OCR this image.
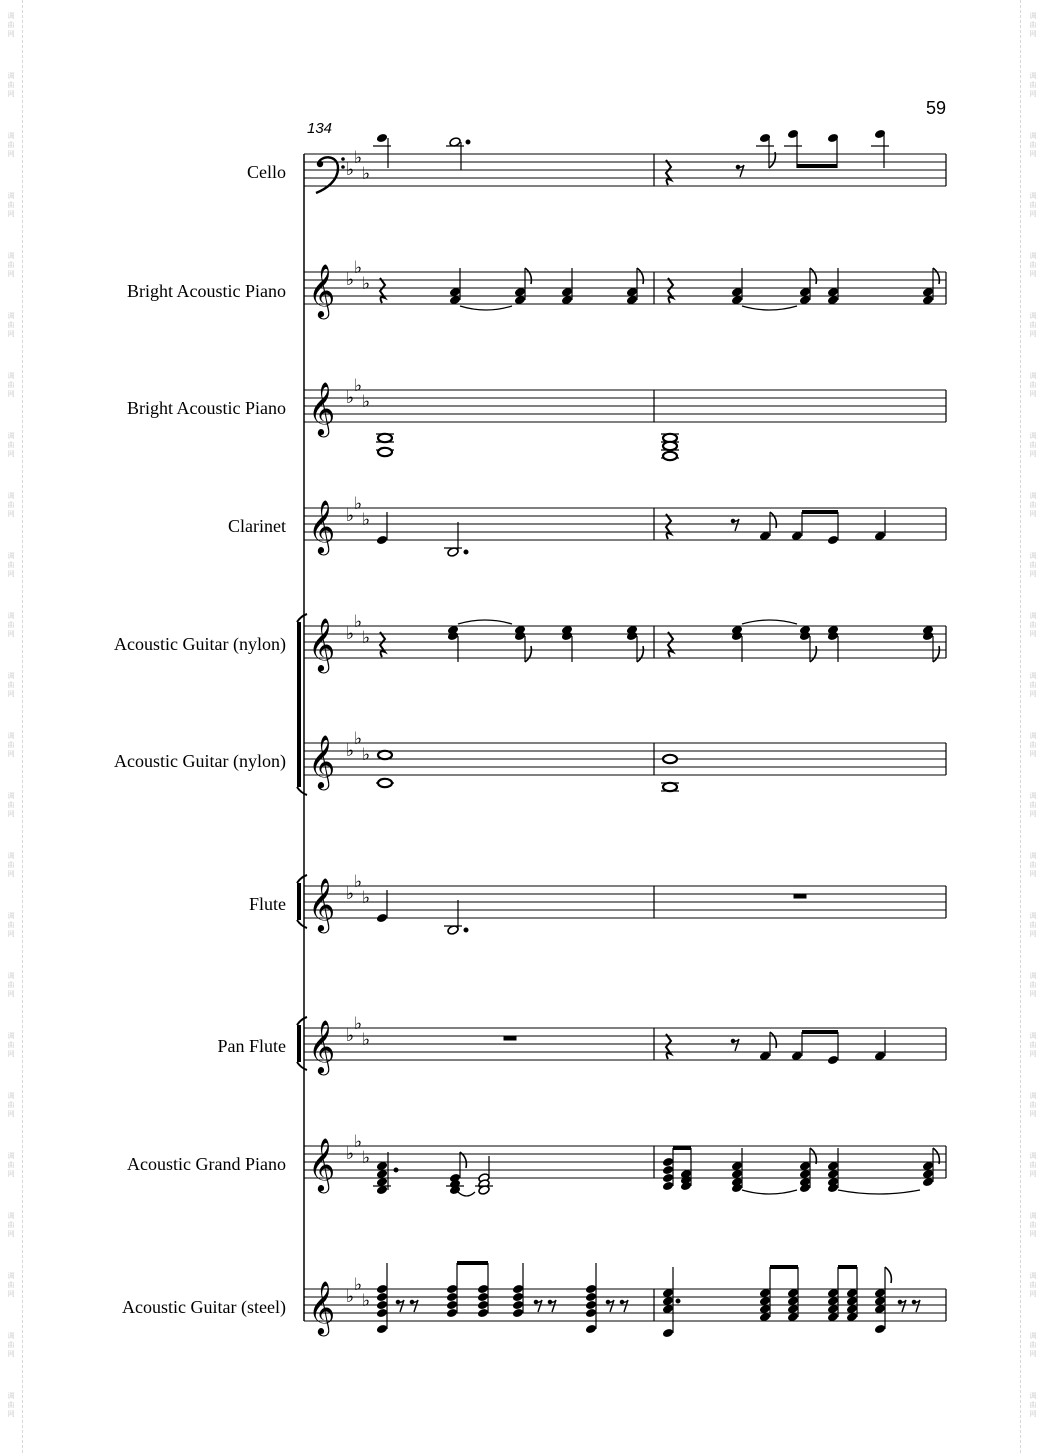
调
曲
网
调
曲
网
调
曲
网
调
曲
网
调
曲
网
调
曲
网
调
曲
网
调
曲
网
调
曲
网
调
曲
网
调
曲
网
调
曲
网
调
曲
网
调
曲
网
调
曲
网
调
曲
网
调
曲
网
调
曲
网
调
曲
网
调
曲
网
调
曲
网
调
曲
网
调
曲
网
调
曲
网
调
曲
网
调
曲
网
调
曲
网
调
曲
网
调
曲
网
调
曲
网
调
曲
网
调
曲
网
调
曲
网
调
曲
网
调
曲
网
调
曲
网
调
曲
网
调
曲
网
调
曲
网
调
曲
网
调
曲
网
调
曲
网
调
曲
网
调
曲
网
调
曲
网
调
曲
网
调
曲
网
调
曲
网
59
134
Cello
Bright Acoustic Piano
Bright Acoustic Piano
Clarinet
Acoustic Guitar (nylon)
Acoustic Guitar (nylon)
Flute
Pan Flute
Acoustic Grand Piano
Acoustic Guitar (steel)
𝄞
𝄞
𝄞
𝄞
𝄞
𝄞
𝄞
𝄞
𝄞
♭
♭
♭
♭
♭
♭
♭
♭
♭
♭
♭
♭
♭
♭
♭
♭
♭
♭
♭
♭
♭
♭
♭
♭
♭
♭
♭
♭
♭
♭
